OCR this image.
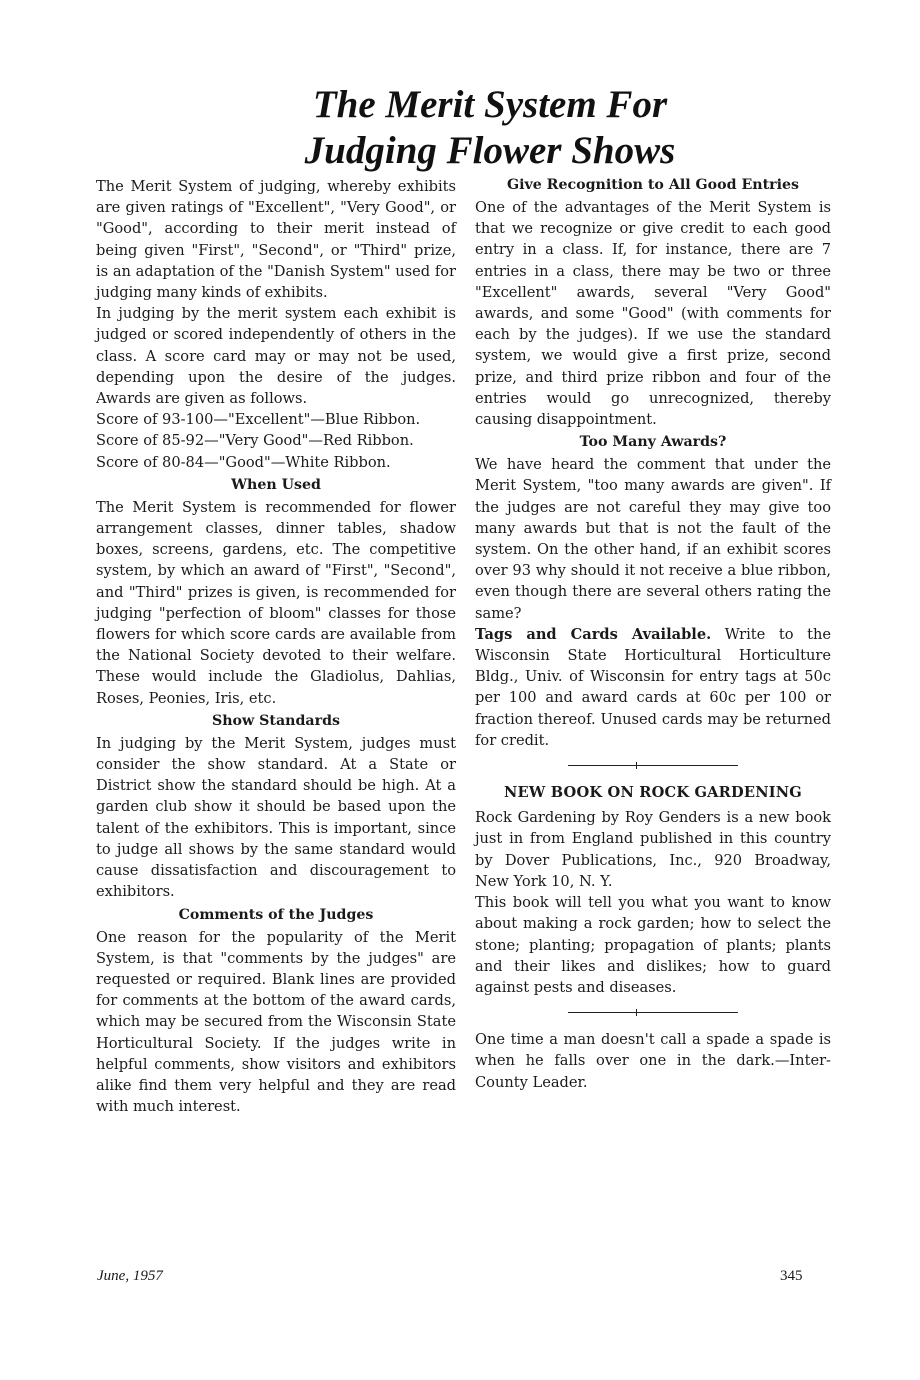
The Merit System For
Judging Flower Shows

The Merit System of judging, whereby exhibits are given ratings of "Excellent", "Very Good", or "Good", according to their merit instead of being given "First", "Second", or "Third" prize, is an adaptation of the "Danish System" used for judging many kinds of exhibits.

In judging by the merit system each exhibit is judged or scored independently of others in the class. A score card may or may not be used, depending upon the desire of the judges. Awards are given as follows.

Score of 93-100—"Excellent"—Blue Ribbon.

Score of 85-92—"Very Good"—Red Ribbon.

Score of 80-84—"Good"—White Ribbon.

When Used

The Merit System is recommended for flower arrangement classes, dinner tables, shadow boxes, screens, gardens, etc. The competitive system, by which an award of "First", "Second", and "Third" prizes is given, is recommended for judging "perfection of bloom" classes for those flowers for which score cards are available from the National Society devoted to their welfare. These would include the Gladiolus, Dahlias, Roses, Peonies, Iris, etc.

Show Standards

In judging by the Merit System, judges must consider the show standard. At a State or District show the standard should be high. At a garden club show it should be based upon the talent of the exhibitors. This is important, since to judge all shows by the same standard would cause dissatisfaction and discouragement to exhibitors.

Comments of the Judges

One reason for the popularity of the Merit System, is that "comments by the judges" are requested or required. Blank lines are provided for comments at the bottom of the award cards, which may be secured from the Wisconsin State Horticultural Society. If the judges write in helpful comments, show visitors and exhibitors alike find them very helpful and they are read with much interest.

Give Recognition to All Good Entries

One of the advantages of the Merit System is that we recognize or give credit to each good entry in a class. If, for instance, there are 7 entries in a class, there may be two or three "Excellent" awards, several "Very Good" awards, and some "Good" (with comments for each by the judges). If we use the standard system, we would give a first prize, second prize, and third prize ribbon and four of the entries would go unrecognized, thereby causing disappointment.

Too Many Awards?

We have heard the comment that under the Merit System, "too many awards are given". If the judges are not careful they may give too many awards but that is not the fault of the system. On the other hand, if an exhibit scores over 93 why should it not receive a blue ribbon, even though there are several others rating the same?

Tags and Cards Available. Write to the Wisconsin State Horticultural Horticulture Bldg., Univ. of Wisconsin for entry tags at 50c per 100 and award cards at 60c per 100 or fraction thereof. Unused cards may be returned for credit.

NEW BOOK ON ROCK GARDENING

Rock Gardening by Roy Genders is a new book just in from England published in this country by Dover Publications, Inc., 920 Broadway, New York 10, N. Y.

This book will tell you what you want to know about making a rock garden; how to select the stone; planting; propagation of plants; plants and their likes and dislikes; how to guard against pests and diseases.

One time a man doesn't call a spade a spade is when he falls over one in the dark.—Inter-County Leader.

June, 1957	345
